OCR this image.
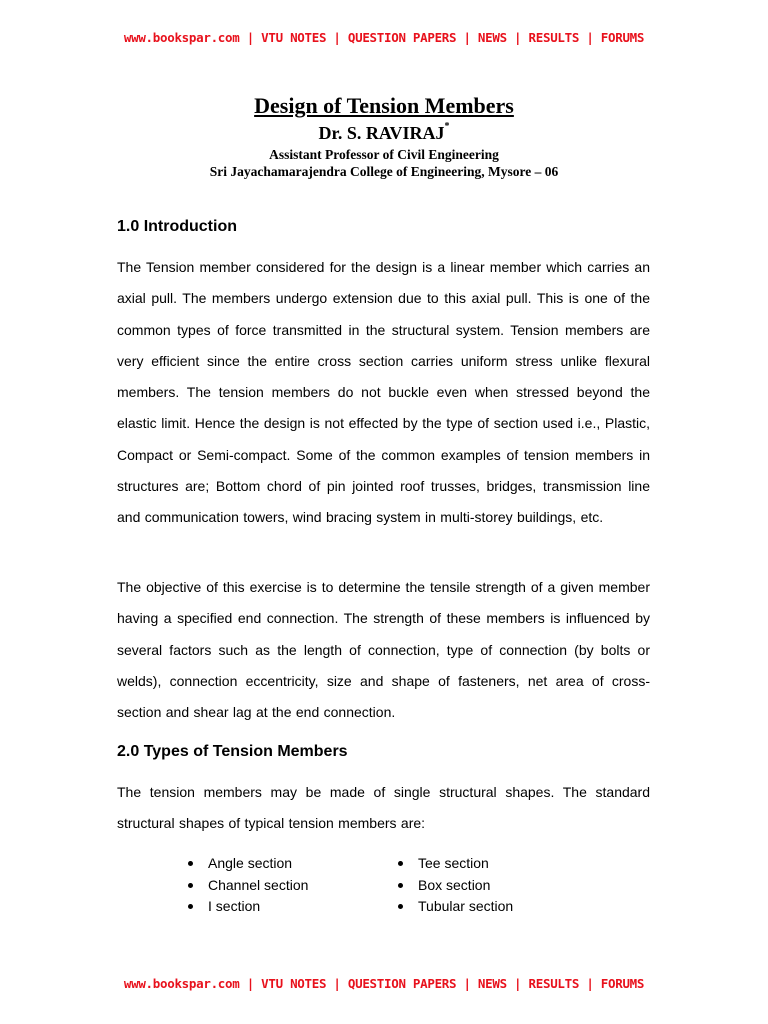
www.bookspar.com | VTU NOTES | QUESTION PAPERS | NEWS | RESULTS | FORUMS
Design of Tension Members
Dr. S. RAVIRAJ*
Assistant Professor of Civil Engineering
Sri Jayachamarajendra College of Engineering, Mysore – 06
1.0 Introduction

The Tension member considered for the design is a linear member which carries an axial pull. The members undergo extension due to this axial pull. This is one of the common types of force transmitted in the structural system. Tension members are very efficient since the entire cross section carries uniform stress unlike flexural members. The tension members do not buckle even when stressed beyond the elastic limit. Hence the design is not effected by the type of section used i.e., Plastic, Compact or Semi-compact. Some of the common examples of tension members in structures are; Bottom chord of pin jointed roof trusses, bridges, transmission line and communication towers, wind bracing system in multi-storey buildings, etc.

The objective of this exercise is to determine the tensile strength of a given member having a specified end connection. The strength of these members is influenced by several factors such as the length of connection, type of connection (by bolts or welds), connection eccentricity, size and shape of fasteners, net area of cross-section and shear lag at the end connection.

2.0 Types of Tension Members

The tension members may be made of single structural shapes. The standard structural shapes of typical tension members are:

Angle section
Channel section
I section
Tee section
Box section
Tubular section
www.bookspar.com | VTU NOTES | QUESTION PAPERS | NEWS | RESULTS | FORUMS
